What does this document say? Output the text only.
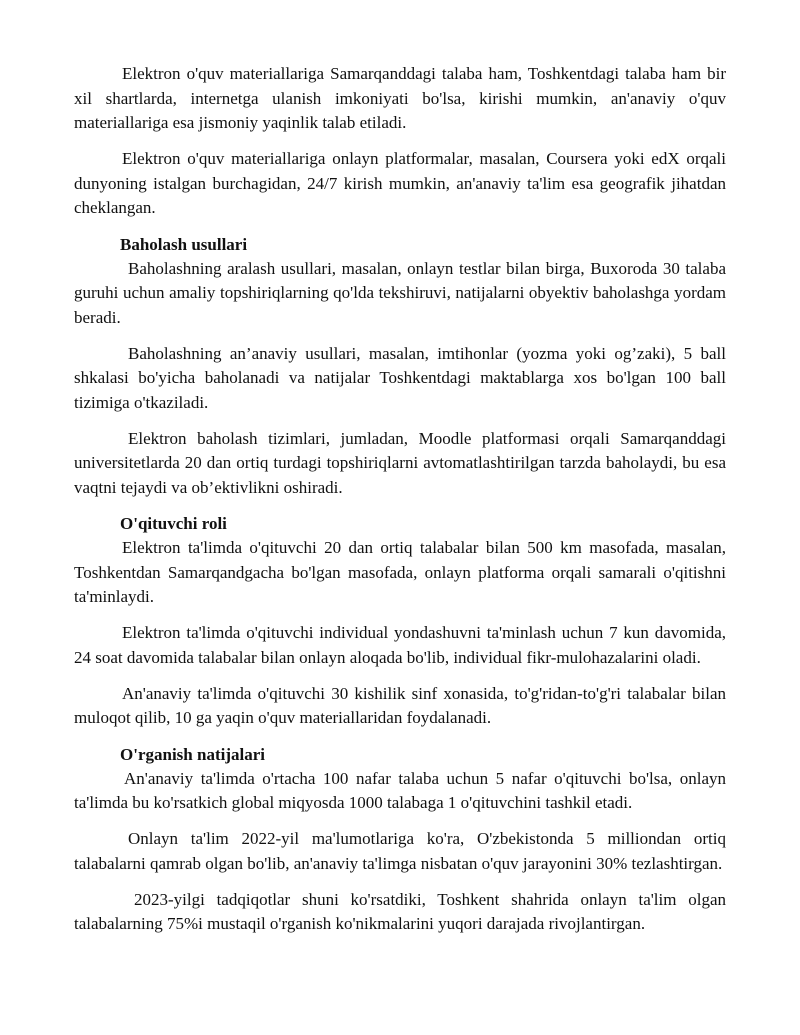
Elektron o'quv materiallariga Samarqanddagi talaba ham, Toshkentdagi talaba ham bir xil shartlarda, internetga ulanish imkoniyati bo'lsa, kirishi mumkin, an'anaviy o'quv materiallariga esa jismoniy yaqinlik talab etiladi.

Elektron o'quv materiallariga onlayn platformalar, masalan, Coursera yoki edX orqali dunyoning istalgan burchagidan, 24/7 kirish mumkin, an'anaviy ta'lim esa geografik jihatdan cheklangan.

Baholash usullari

Baholashning aralash usullari, masalan, onlayn testlar bilan birga, Buxoroda 30 talaba guruhi uchun amaliy topshiriqlarning qo'lda tekshiruvi, natijalarni obyektiv baholashga yordam beradi.

Baholashning an’anaviy usullari, masalan, imtihonlar (yozma yoki og’zaki), 5 ball shkalasi bo'yicha baholanadi va natijalar Toshkentdagi maktablarga xos bo'lgan 100 ball tizimiga o'tkaziladi.

Elektron baholash tizimlari, jumladan, Moodle platformasi orqali Samarqanddagi universitetlarda 20 dan ortiq turdagi topshiriqlarni avtomatlashtirilgan tarzda baholaydi, bu esa vaqtni tejaydi va ob’ektivlikni oshiradi.

O'qituvchi roli

Elektron ta'limda o'qituvchi 20 dan ortiq talabalar bilan 500 km masofada, masalan, Toshkentdan Samarqandgacha bo'lgan masofada, onlayn platforma orqali samarali o'qitishni ta'minlaydi.

Elektron ta'limda o'qituvchi individual yondashuvni ta'minlash uchun 7 kun davomida, 24 soat davomida talabalar bilan onlayn aloqada bo'lib, individual fikr-mulohazalarini oladi.

An'anaviy ta'limda o'qituvchi 30 kishilik sinf xonasida, to'g'ridan-to'g'ri talabalar bilan muloqot qilib, 10 ga yaqin o'quv materiallaridan foydalanadi.

O'rganish natijalari

An'anaviy ta'limda o'rtacha 100 nafar talaba uchun 5 nafar o'qituvchi bo'lsa, onlayn ta'limda bu ko'rsatkich global miqyosda 1000 talabaga 1 o'qituvchini tashkil etadi.

Onlayn ta'lim 2022-yil ma'lumotlariga ko'ra, O'zbekistonda 5 milliondan ortiq talabalarni qamrab olgan bo'lib, an'anaviy ta'limga nisbatan o'quv jarayonini 30% tezlashtirgan.

2023-yilgi tadqiqotlar shuni ko'rsatdiki, Toshkent shahrida onlayn ta'lim olgan talabalarning 75%i mustaqil o'rganish ko'nikmalarini yuqori darajada rivojlantirgan.
